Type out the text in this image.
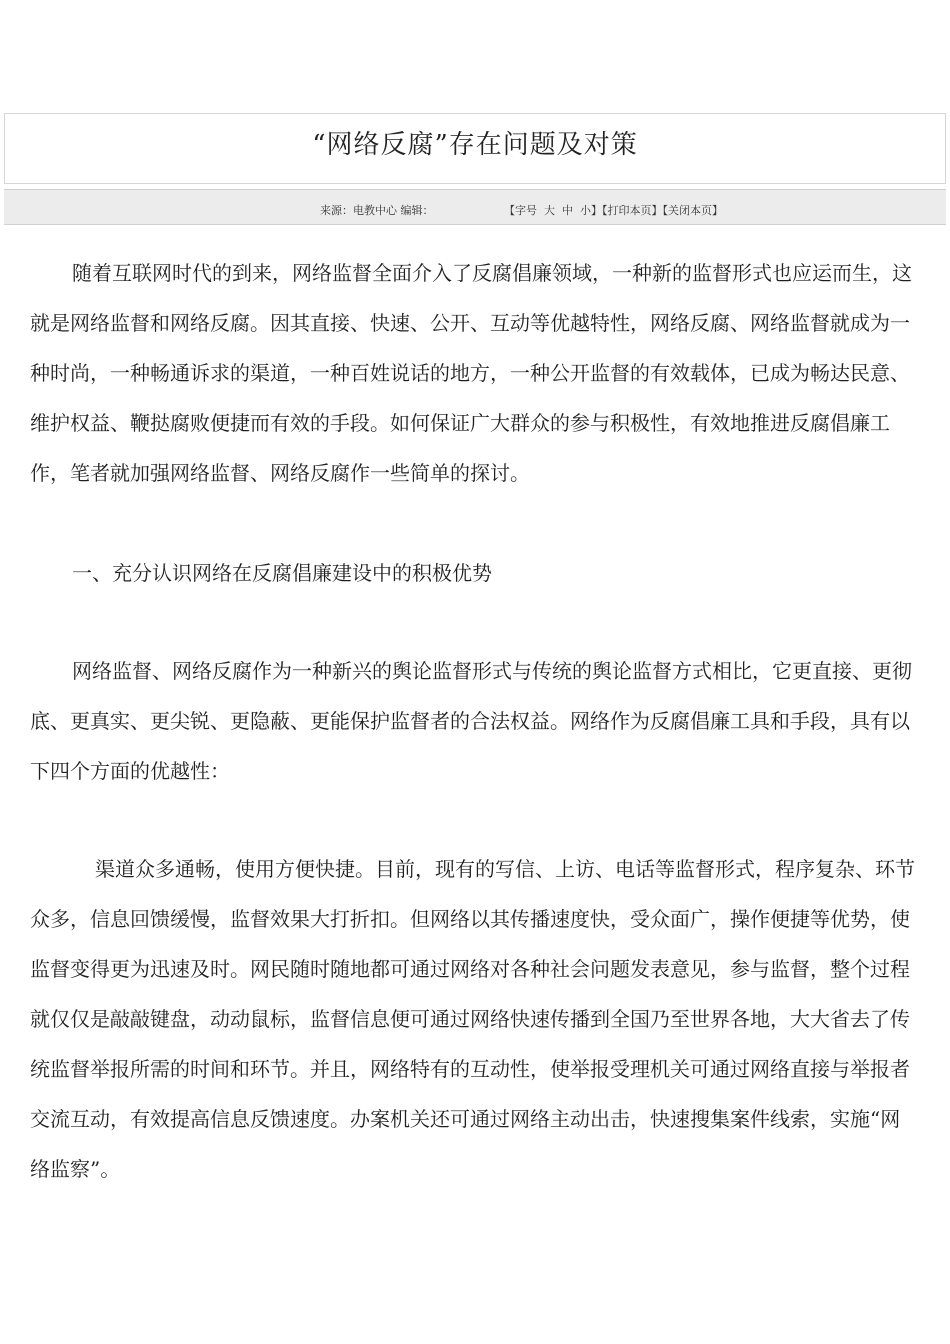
“网络反腐”存在问题及对策
来源：电教中心 编辑：	【字号 大 中 小】【打印本页】【关闭本页】

随着互联网时代的到来，网络监督全面介入了反腐倡廉领域，一种新的监督形式也应运而生，这就是网络监督和网络反腐。因其直接、快速、公开、互动等优越特性，网络反腐、网络监督就成为一种时尚，一种畅通诉求的渠道，一种百姓说话的地方，一种公开监督的有效载体，已成为畅达民意、维护权益、鞭挞腐败便捷而有效的手段。如何保证广大群众的参与积极性，有效地推进反腐倡廉工作，笔者就加强网络监督、网络反腐作一些简单的探讨。

一、充分认识网络在反腐倡廉建设中的积极优势

网络监督、网络反腐作为一种新兴的舆论监督形式与传统的舆论监督方式相比，它更直接、更彻底、更真实、更尖锐、更隐蔽、更能保护监督者的合法权益。网络作为反腐倡廉工具和手段，具有以下四个方面的优越性：

渠道众多通畅，使用方便快捷。目前，现有的写信、上访、电话等监督形式，程序复杂、环节众多，信息回馈缓慢，监督效果大打折扣。但网络以其传播速度快，受众面广，操作便捷等优势，使监督变得更为迅速及时。网民随时随地都可通过网络对各种社会问题发表意见，参与监督，整个过程就仅仅是敲敲键盘，动动鼠标，监督信息便可通过网络快速传播到全国乃至世界各地，大大省去了传统监督举报所需的时间和环节。并且，网络特有的互动性，使举报受理机关可通过网络直接与举报者交流互动，有效提高信息反馈速度。办案机关还可通过网络主动出击，快速搜集案件线索，实施“网络监察”。
